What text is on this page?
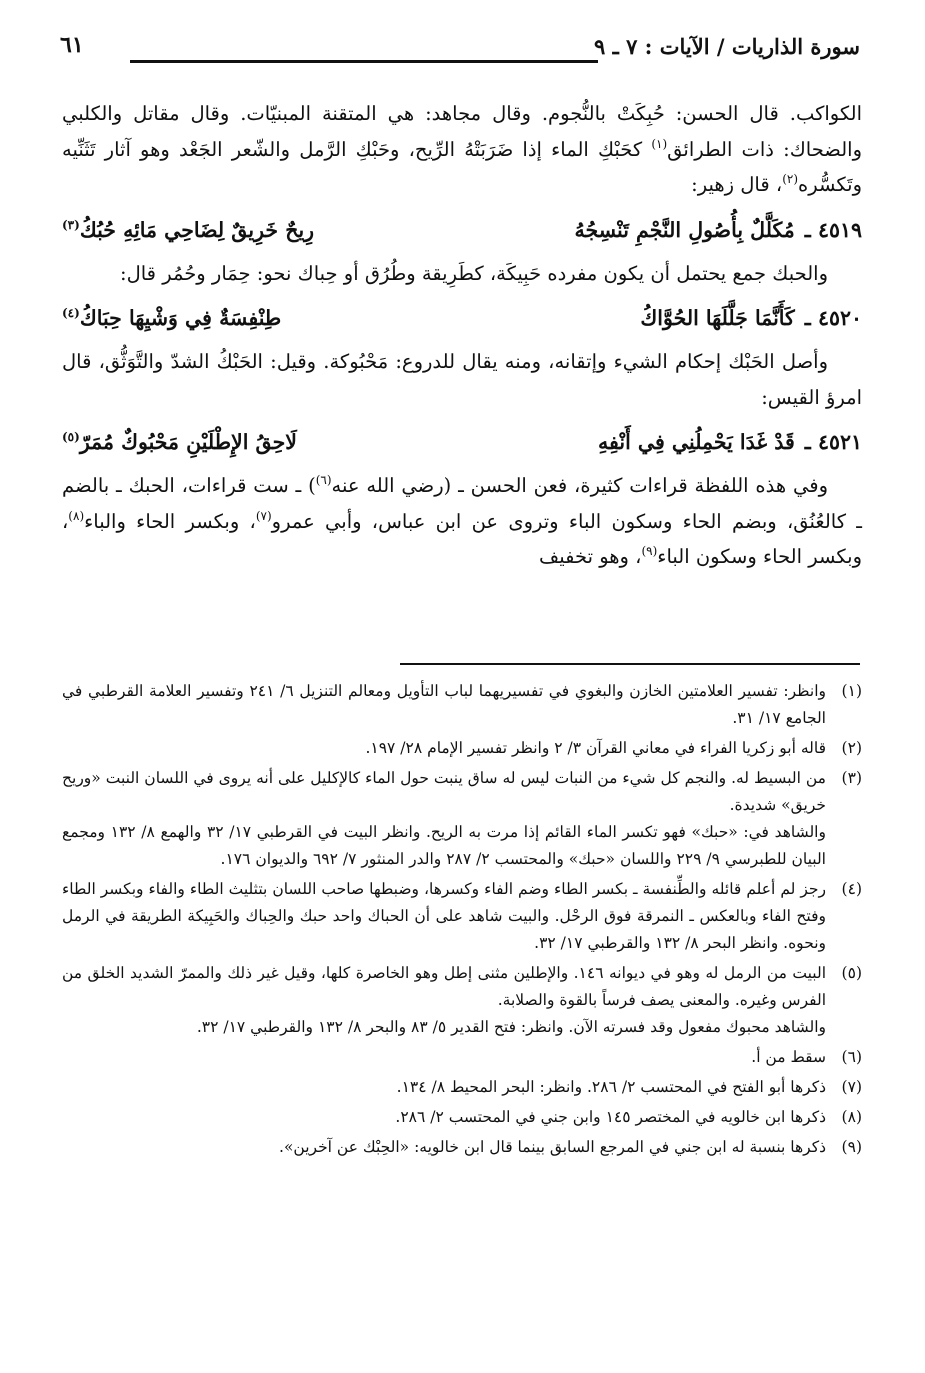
سورة الذاريات / الآيات : ٧ ـ ٩
٦١

الكواكب. قال الحسن: حُبِكَتْ بالنُّجوم. وقال مجاهد: هي المتقنة المبنيّات. وقال مقاتل والكلبي والضحاك: ذات الطرائق$^{(١)}$ كحَبْكِ الماء إذا ضَرَبَتْهُ الرِّيح، وحَبْكِ الرَّمل والشّعر الجَعْد وهو آثار تَثَنِّيه وتَكسُّره$^{(٢)}$، قال زهير:

٤٥١٩ ـ
مُكَلَّلٌ بِأُصُولِ النَّجْمِ تَنْسِجُهُ
رِيحٌ خَرِيقٌ لِضَاحِي مَائِهِ حُبُكُ$^{(٣)}$

والحبك جمع يحتمل أن يكون مفرده حَبِيكَة، كطَرِيقة وطُرُق أو حِباك نحو: حِمَار وحُمُر قال:

٤٥٢٠ ـ
كَأَنَّمَا جَلَّلَهَا الحُوَّاكُ
طِنْفِسَةٌ فِي وَشْيِهَا حِبَاكُ$^{(٤)}$

وأصل الحَبْك إحكام الشيء وإتقانه، ومنه يقال للدروع: مَحْبُوكة. وقيل: الحَبْكُ الشدّ والتَّوَثُّق، قال امرؤ القيس:

٤٥٢١ ـ
قَدْ غَدَا يَحْمِلُنِي فِي أَنْفِهِ
لَاحِقُ الإِطْلَيْنِ مَحْبُوكٌ مُمَرّ$^{(٥)}$

وفي هذه اللفظة قراءات كثيرة، فعن الحسن ـ (رضي الله عنه$^{(٦)}$) ـ ست قراءات، الحبك ـ بالضم ـ كالعُنُق، وبضم الحاء وسكون الباء وتروى عن ابن عباس، وأبي عمرو$^{(٧)}$، وبكسر الحاء والباء$^{(٨)}$، وبكسر الحاء وسكون الباء$^{(٩)}$، وهو تخفيف

(١)
وانظر: تفسير العلامتين الخازن والبغوي في تفسيريهما لباب التأويل ومعالم التنزيل ٦/ ٢٤١ وتفسير العلامة القرطبي في الجامع ١٧/ ٣١.
(٢)
قاله أبو زكريا الفراء في معاني القرآن ٣/ ٢ وانظر تفسير الإمام ٢٨/ ١٩٧.
(٣)
من البسيط له. والنجم كل شيء من النبات ليس له ساق ينبت حول الماء كالإكليل على أنه يروى في اللسان النبت «وريح خريق» شديدة.
والشاهد في: «حبك» فهو تكسر الماء القائم إذا مرت به الريح. وانظر البيت في القرطبي ١٧/ ٣٢ والهمع ٨/ ١٣٢ ومجمع البيان للطبرسي ٩/ ٢٢٩ واللسان «حبك» والمحتسب ٢/ ٢٨٧ والدر المنثور ٧/ ٦٩٢ والديوان ١٧٦.
(٤)
رجز لم أعلم قائله والطِّنفسة ـ بكسر الطاء وضم الفاء وكسرها، وضبطها صاحب اللسان بتثليث الطاء والفاء وبكسر الطاء وفتح الفاء وبالعكس ـ النمرقة فوق الرحْل. والبيت شاهد على أن الحباك واحد حبك والحِباك والحَبِيكة الطريقة في الرمل ونحوه. وانظر البحر ٨/ ١٣٢ والقرطبي ١٧/ ٣٢.
(٥)
البيت من الرمل له وهو في ديوانه ١٤٦. والإطلين مثنى إطل وهو الخاصرة كلها، وقيل غير ذلك والممرّ الشديد الخلق من الفرس وغيره. والمعنى يصف فرساً بالقوة والصلابة.
والشاهد محبوك مفعول وقد فسرته الآن. وانظر: فتح القدير ٥/ ٨٣ والبحر ٨/ ١٣٢ والقرطبي ١٧/ ٣٢.
(٦)
سقط من أ.
(٧)
ذكرها أبو الفتح في المحتسب ٢/ ٢٨٦. وانظر: البحر المحيط ٨/ ١٣٤.
(٨)
ذكرها ابن خالويه في المختصر ١٤٥ وابن جني في المحتسب ٢/ ٢٨٦.
(٩)
ذكرها بنسبة له ابن جني في المرجع السابق بينما قال ابن خالويه: «الحِبْك عن آخرين».
